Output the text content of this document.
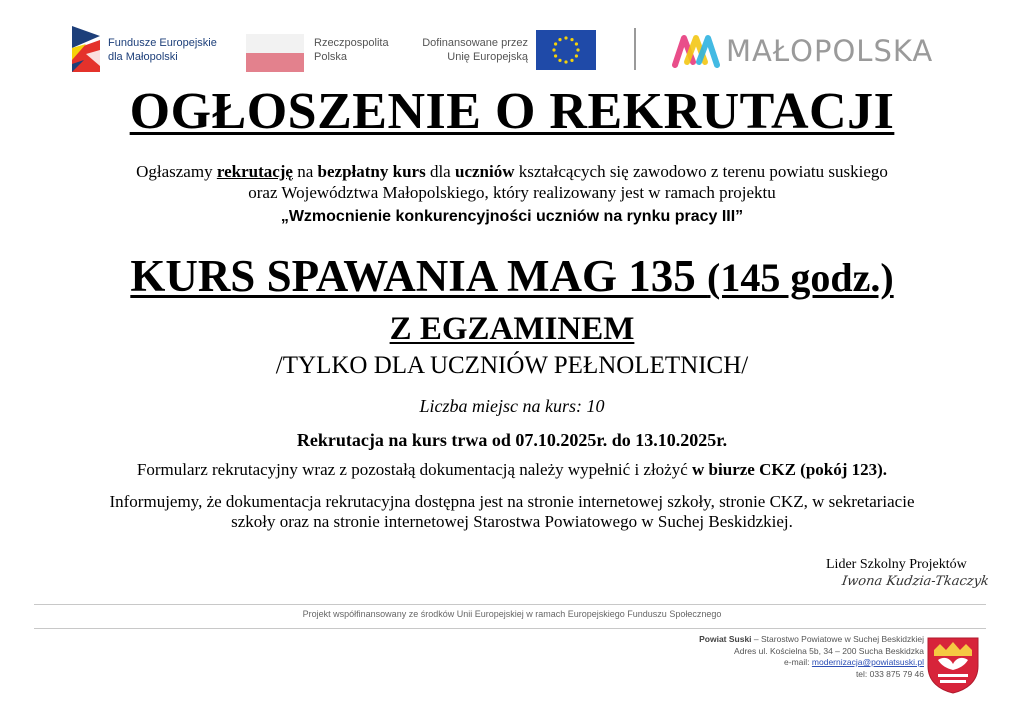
Fundusze Europejskie
dla Małopolski
Rzeczpospolita
Polska
Dofinansowane przez
Unię Europejską	MAŁOPOLSKA
OGŁOSZENIE O REKRUTACJI
Ogłaszamy rekrutację na bezpłatny kurs dla uczniów kształcących się zawodowo z terenu powiatu suskiego
oraz Województwa Małopolskiego, który realizowany jest w ramach projektu
„Wzmocnienie konkurencyjności uczniów na rynku pracy III”
KURS SPAWANIA MAG 135 (145 godz.)
Z EGZAMINEM
/TYLKO DLA UCZNIÓW PEŁNOLETNICH/
Liczba miejsc na kurs: 10
Rekrutacja na kurs trwa od 07.10.2025r. do 13.10.2025r.
Formularz rekrutacyjny wraz z pozostałą dokumentacją należy wypełnić i złożyć w biurze CKZ (pokój 123).
Informujemy, że dokumentacja rekrutacyjna dostępna jest na stronie internetowej szkoły, stronie CKZ, w sekretariacie
szkoły oraz na stronie internetowej Starostwa Powiatowego w Suchej Beskidzkiej.
Lider Szkolny Projektów
Iwona Kudzia-Tkaczyk
Projekt współfinansowany ze środków Unii Europejskiej w ramach Europejskiego Funduszu Społecznego
Powiat Suski – Starostwo Powiatowe w Suchej Beskidzkiej
Adres ul. Kościelna 5b, 34 – 200 Sucha Beskidzka
e-mail: modernizacja@powiatsuski.pl
tel: 033 875 79 46
